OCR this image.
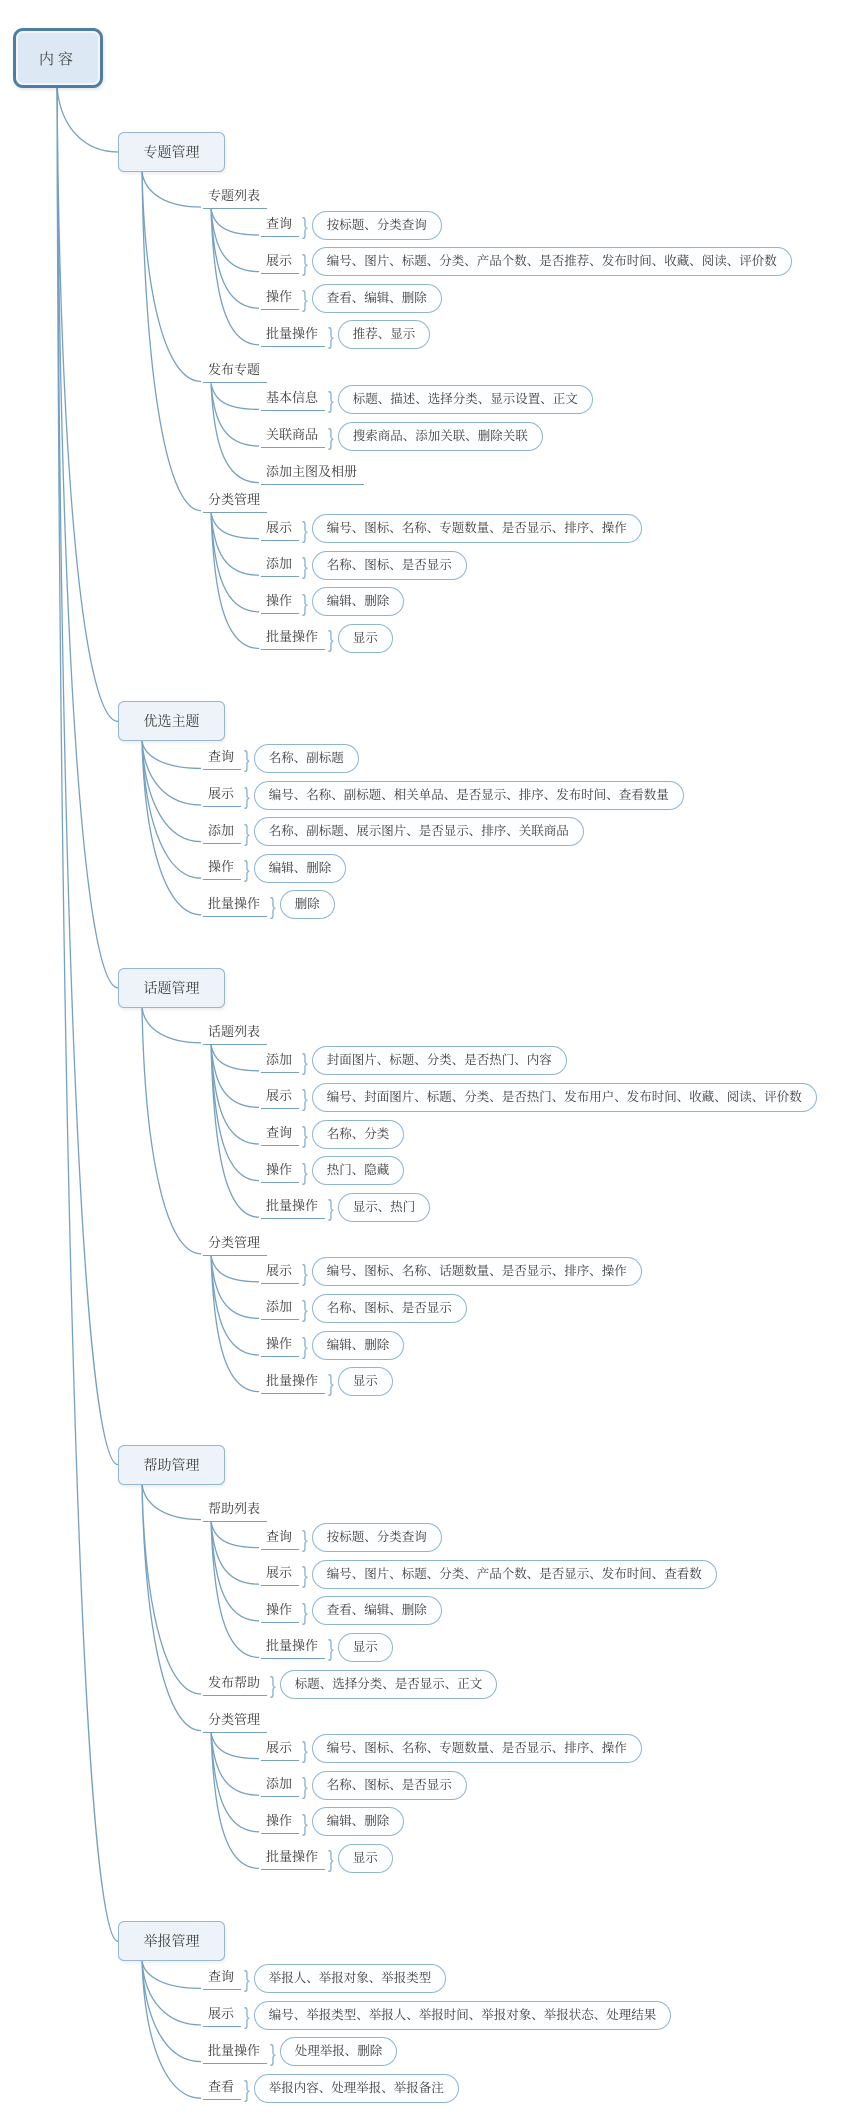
内容
专题管理
专题列表
查询 }	按标题、分类查询
展示 }	编号、图片、标题、分类、产品个数、是否推荐、发布时间、收藏、阅读、评价数
操作 }	查看、编辑、删除
批量操作 }	推荐、显示
发布专题
基本信息 }	标题、描述、选择分类、显示设置、正文
关联商品 }	搜索商品、添加关联、删除关联
添加主图及相册
分类管理
展示 }	编号、图标、名称、专题数量、是否显示、排序、操作
添加 }	名称、图标、是否显示
操作 }	编辑、删除
批量操作 }	显示
优选主题
查询 }	名称、副标题
展示 }	编号、名称、副标题、相关单品、是否显示、排序、发布时间、查看数量
添加 }	名称、副标题、展示图片、是否显示、排序、关联商品
操作 }	编辑、删除
批量操作 }	删除
话题管理
话题列表
添加 }	封面图片、标题、分类、是否热门、内容
展示 }	编号、封面图片、标题、分类、是否热门、发布用户、发布时间、收藏、阅读、评价数
查询 }	名称、分类
操作 }	热门、隐藏
批量操作 }	显示、热门
分类管理
展示 }	编号、图标、名称、话题数量、是否显示、排序、操作
添加 }	名称、图标、是否显示
操作 }	编辑、删除
批量操作 }	显示
帮助管理
帮助列表
查询 }	按标题、分类查询
展示 }	编号、图片、标题、分类、产品个数、是否显示、发布时间、查看数
操作 }	查看、编辑、删除
批量操作 }	显示
发布帮助 }	标题、选择分类、是否显示、正文
分类管理
展示 }	编号、图标、名称、专题数量、是否显示、排序、操作
添加 }	名称、图标、是否显示
操作 }	编辑、删除
批量操作 }	显示
举报管理
查询 }	举报人、举报对象、举报类型
展示 }	编号、举报类型、举报人、举报时间、举报对象、举报状态、处理结果
批量操作 }	处理举报、删除
查看 }	举报内容、处理举报、举报备注
